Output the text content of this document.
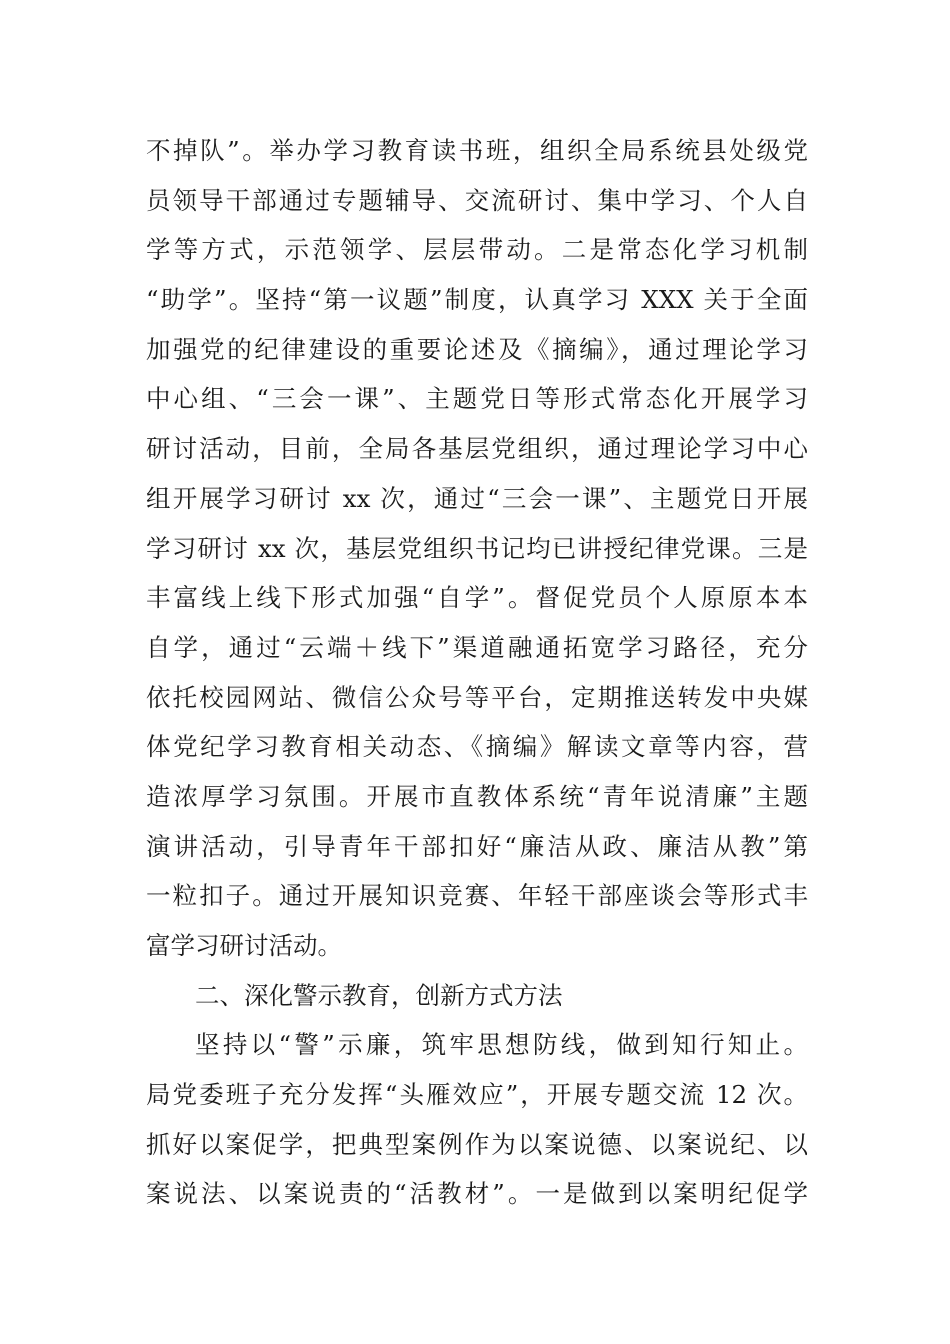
不掉队”。举办学习教育读书班，组织全局系统县处级党
员领导干部通过专题辅导、交流研讨、集中学习、个人自
学等方式，示范领学、层层带动。二是常态化学习机制
“助学”。坚持“第一议题”制度，认真学习 XXX 关于全面
加强党的纪律建设的重要论述及《摘编》，通过理论学习
中心组、“三会一课”、主题党日等形式常态化开展学习
研讨活动，目前，全局各基层党组织，通过理论学习中心
组开展学习研讨 xx 次，通过“三会一课”、主题党日开展
学习研讨 xx 次，基层党组织书记均已讲授纪律党课。三是
丰富线上线下形式加强“自学”。督促党员个人原原本本
自学，通过“云端＋线下”渠道融通拓宽学习路径，充分
依托校园网站、微信公众号等平台，定期推送转发中央媒
体党纪学习教育相关动态、《摘编》解读文章等内容，营
造浓厚学习氛围。开展市直教体系统“青年说清廉”主题
演讲活动，引导青年干部扣好“廉洁从政、廉洁从教”第
一粒扣子。通过开展知识竞赛、年轻干部座谈会等形式丰
富学习研讨活动。
二、深化警示教育，创新方式方法
坚持以“警”示廉，筑牢思想防线，做到知行知止。
局党委班子充分发挥“头雁效应”，开展专题交流 12 次。
抓好以案促学，把典型案例作为以案说德、以案说纪、以
案说法、以案说责的“活教材”。一是做到以案明纪促学
